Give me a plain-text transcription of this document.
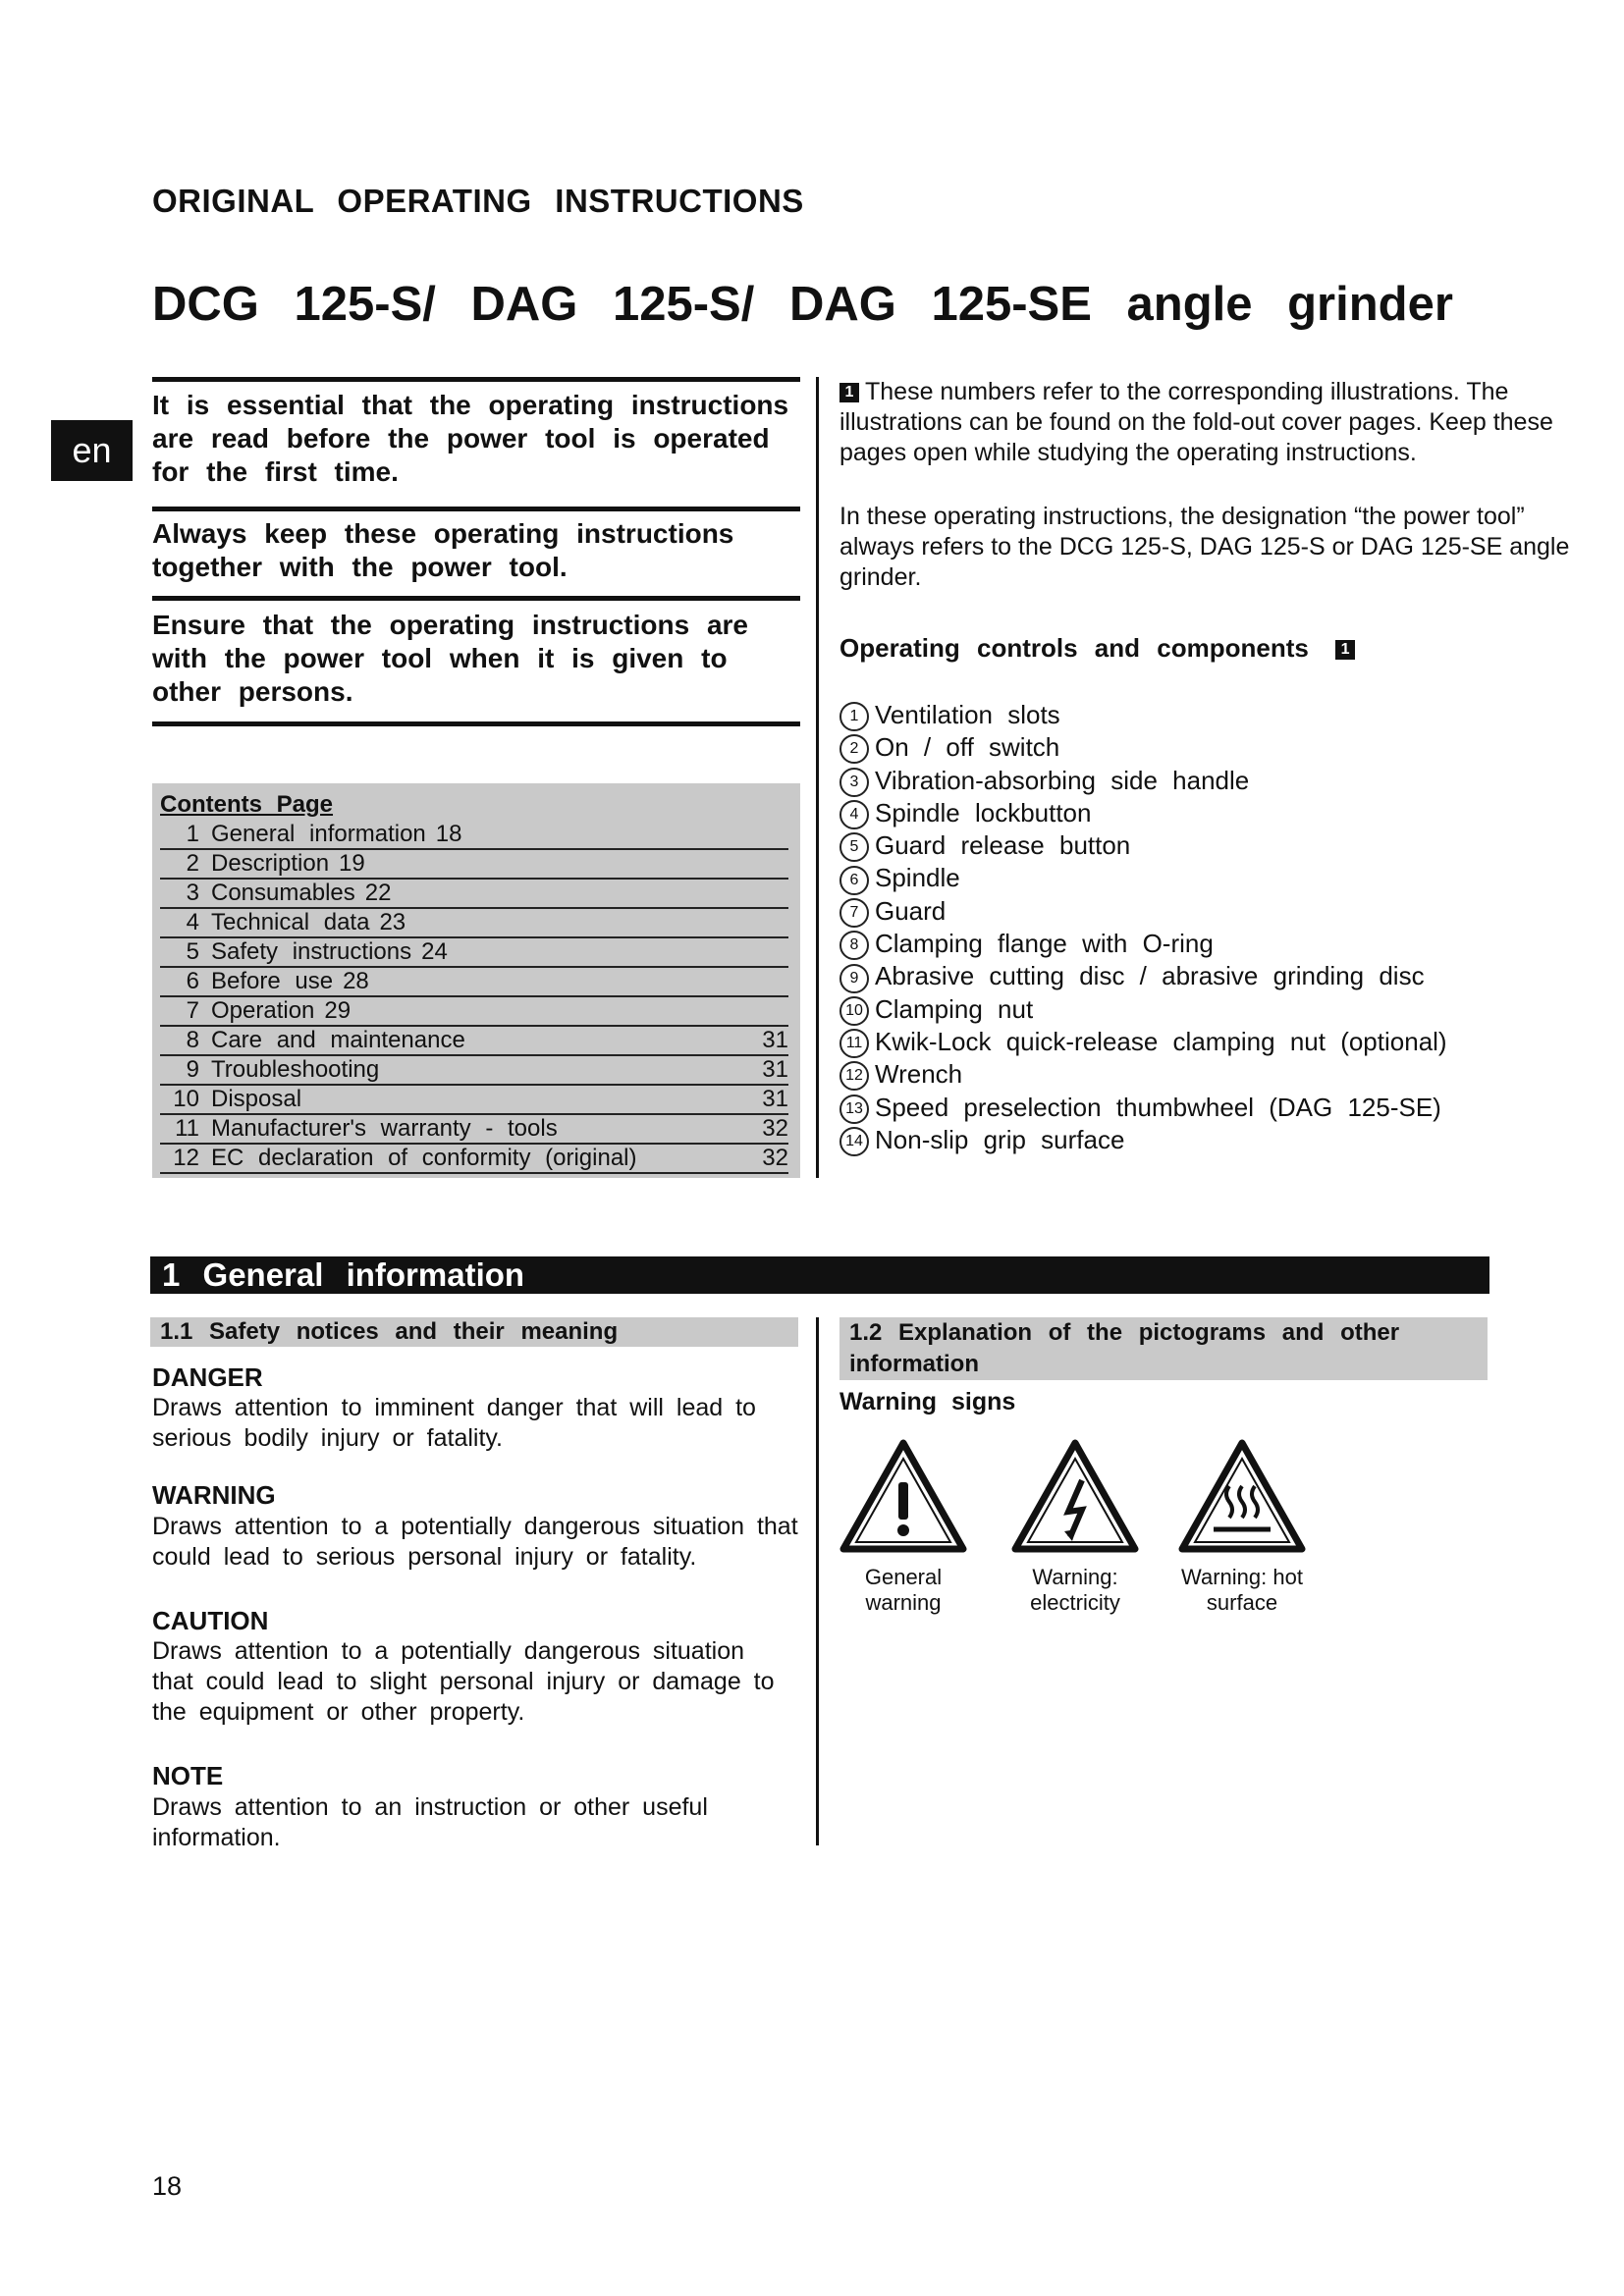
ORIGINAL OPERATING INSTRUCTIONS
DCG 125-S/ DAG 125-S/ DAG 125-SE angle grinder
en
It is essential that the operating instructions are read before the power tool is operated for the first time.
Always keep these operating instructions together with the power tool.
Ensure that the operating instructions are with the power tool when it is given to other persons.
Contents Page
1 General information 18
2 Description 19
3 Consumables 22
4 Technical data 23
5 Safety instructions 24
6 Before use 28
7 Operation 29
8 Care and maintenance	31
9 Troubleshooting	31
10 Disposal	31
11 Manufacturer's warranty - tools	32
12 EC declaration of conformity (original)	32
1 These numbers refer to the corresponding illustrations. The illustrations can be found on the fold-out cover pages. Keep these pages open while studying the operating instructions.
In these operating instructions, the designation “the power tool” always refers to the DCG 125-S, DAG 125-S or DAG 125-SE angle grinder.
Operating controls and components 1
1 Ventilation slots
2 On / off switch
3 Vibration-absorbing side handle
4 Spindle lockbutton
5 Guard release button
6 Spindle
7 Guard
8 Clamping flange with O-ring
9 Abrasive cutting disc / abrasive grinding disc
10 Clamping nut
11 Kwik-Lock quick-release clamping nut (optional)
12 Wrench
13 Speed preselection thumbwheel (DAG 125-SE)
14 Non-slip grip surface
1 General information
1.1 Safety notices and their meaning
DANGER
Draws attention to imminent danger that will lead to serious bodily injury or fatality.
WARNING
Draws attention to a potentially dangerous situation that could lead to serious personal injury or fatality.
CAUTION
Draws attention to a potentially dangerous situation that could lead to slight personal injury or damage to the equipment or other property.
NOTE
Draws attention to an instruction or other useful information.
1.2 Explanation of the pictograms and other information
Warning signs
General warning
Warning: electricity
Warning: hot surface
18
